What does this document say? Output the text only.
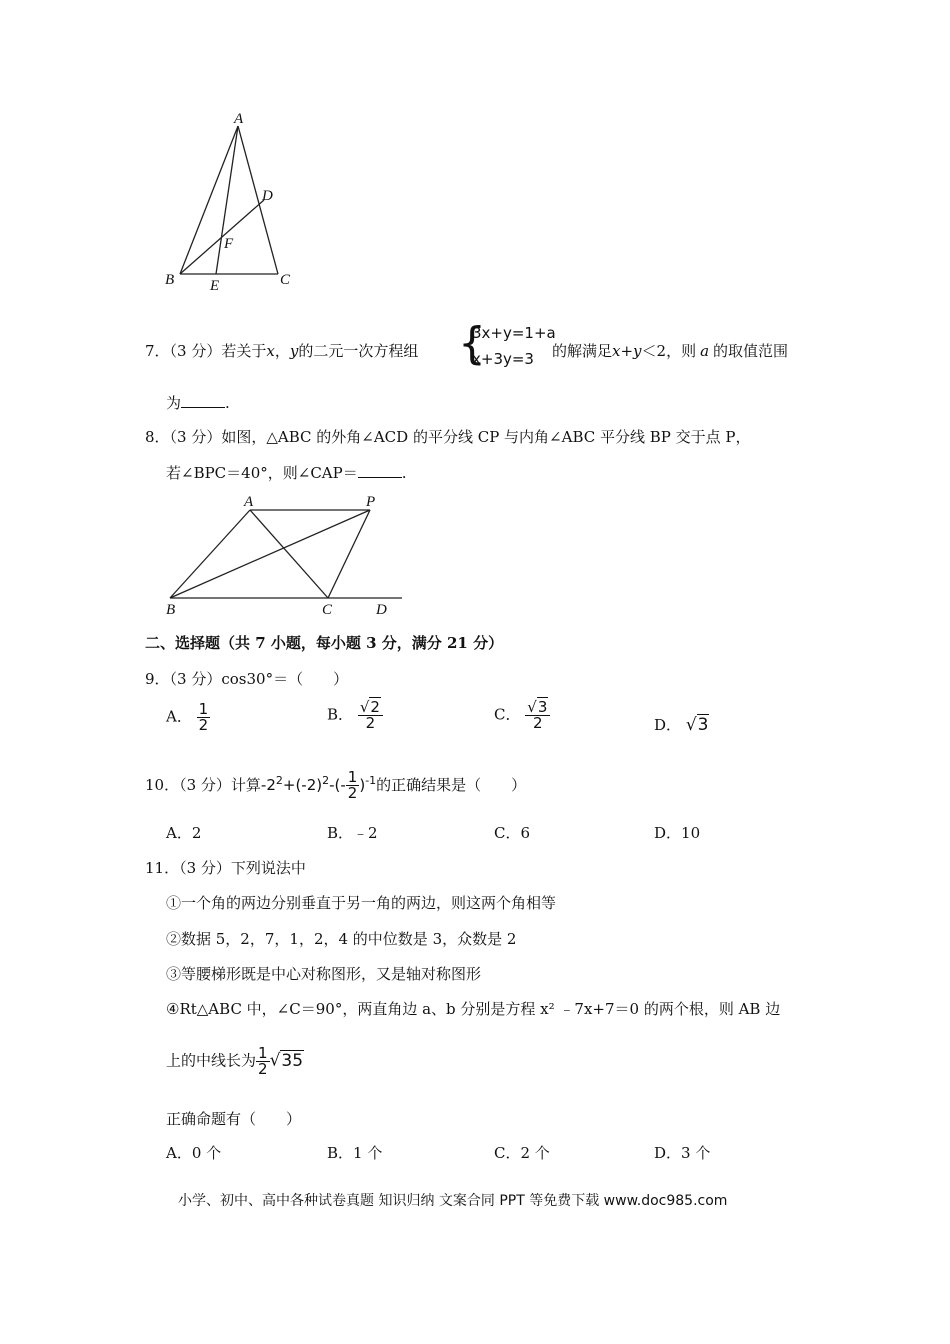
A
B	C
D
E
F
7．（3 分）若关于x，y的二元一次方程组 {
3x+y=1+a
x+3y=3 的解满足x+y＜2，则 a 的取值范围
为	.
8．（3 分）如图，△ABC 的外角∠ACD 的平分线 CP 与内角∠ABC 平分线 BP 交于点 P，
若∠BPC＝40°，则∠CAP＝	.
A	P
B	C	D
二、选择题（共 7 小题，每小题 3 分，满分 21 分）
9．（3 分）cos30°＝（　　）
A． $\frac{1}{2}$	B． $\frac{√2}{2}$	C． $\frac{√3}{2}$	D． √3
10．（3 分）计算$-2^2+(-2)^2-(- \frac{1}{2} )^{-1}$的正确结果是（　　）
A．2	B．﹣2	C．6	D．10
11．（3 分）下列说法中
①一个角的两边分别垂直于另一角的两边，则这两个角相等
②数据 5，2，7，1，2，4 的中位数是 3，众数是 2
③等腰梯形既是中心对称图形，又是轴对称图形
④Rt△ABC 中，∠C＝90°，两直角边 a、b 分别是方程 x² ﹣7x+7＝0 的两个根，则 AB 边
上的中线长为 $\frac{1}{2} √35$
正确命题有（　　）
A．0 个	B．1 个	C．2 个	D．3 个
小学、初中、高中各种试卷真题 知识归纳 文案合同 PPT 等免费下载 www.doc985.com
